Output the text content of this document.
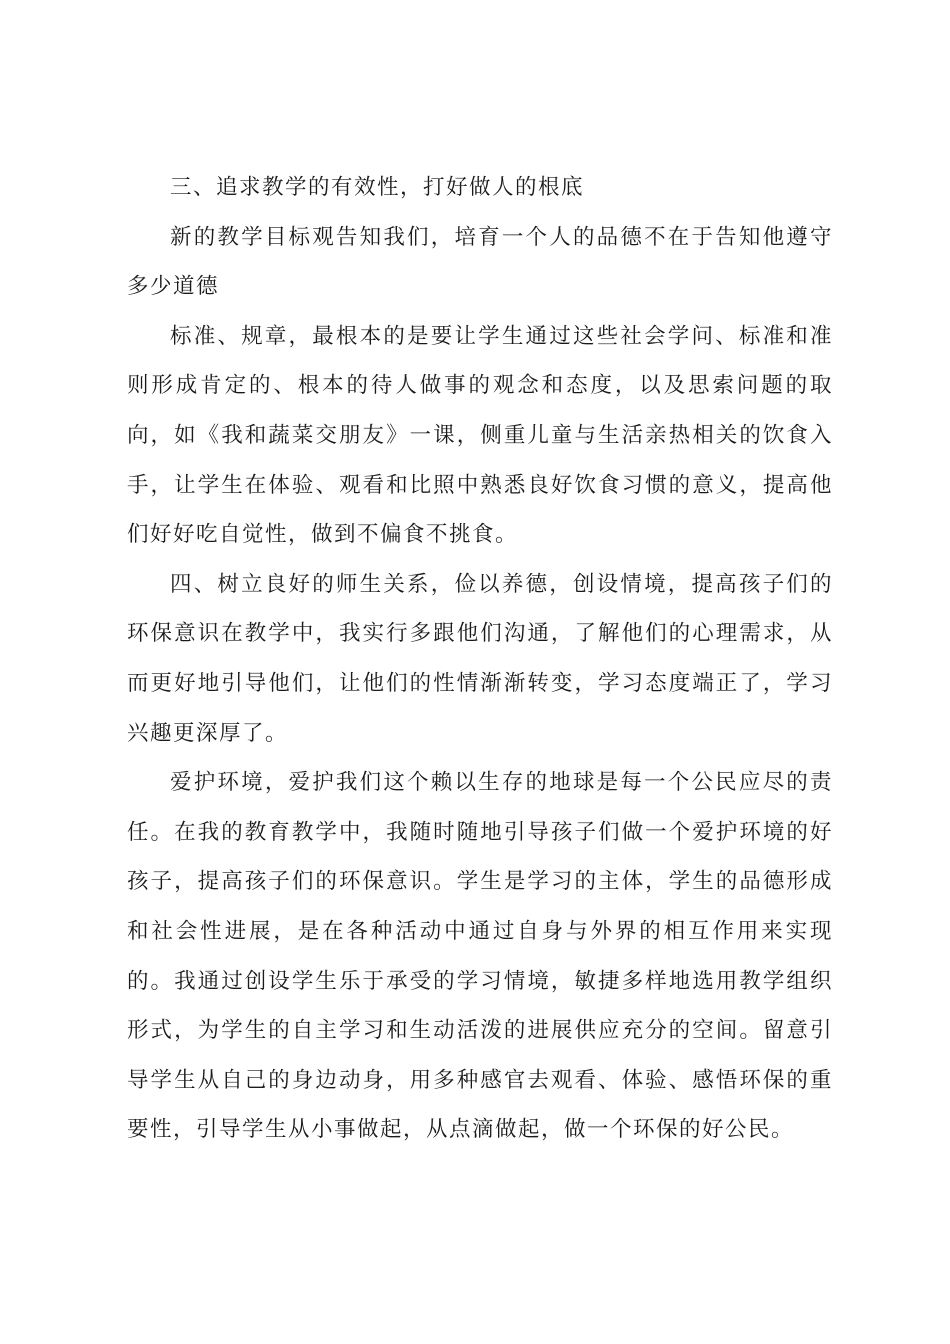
三、追求教学的有效性，打好做人的根底

新的教学目标观告知我们，培育一个人的品德不在于告知他遵守多少道德

标准、规章，最根本的是要让学生通过这些社会学问、标准和准则形成肯定的、根本的待人做事的观念和态度，以及思索问题的取向，如《我和蔬菜交朋友》一课，侧重儿童与生活亲热相关的饮食入手，让学生在体验、观看和比照中熟悉良好饮食习惯的意义，提高他们好好吃自觉性，做到不偏食不挑食。

四、树立良好的师生关系，俭以养德，创设情境，提高孩子们的环保意识在教学中，我实行多跟他们沟通，了解他们的心理需求，从而更好地引导他们，让他们的性情渐渐转变，学习态度端正了，学习兴趣更深厚了。

爱护环境，爱护我们这个赖以生存的地球是每一个公民应尽的责任。在我的教育教学中，我随时随地引导孩子们做一个爱护环境的好孩子，提高孩子们的环保意识。学生是学习的主体，学生的品德形成和社会性进展，是在各种活动中通过自身与外界的相互作用来实现的。我通过创设学生乐于承受的学习情境，敏捷多样地选用教学组织形式，为学生的自主学习和生动活泼的进展供应充分的空间。留意引导学生从自己的身边动身，用多种感官去观看、体验、感悟环保的重要性，引导学生从小事做起，从点滴做起，做一个环保的好公民。
